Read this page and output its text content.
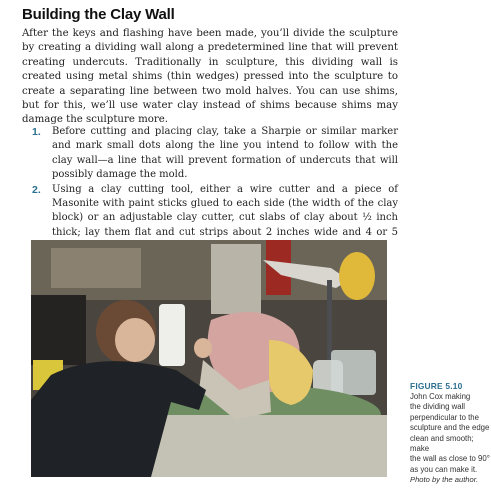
Building the Clay Wall

After the keys and flashing have been made, you’ll divide the sculpture by creating a dividing wall along a predetermined line that will prevent creating undercuts. Traditionally in sculpture, this dividing wall is created using metal shims (thin wedges) pressed into the sculpture to create a separating line between two mold halves. You can use shims, but for this, we’ll use water clay instead of shims because shims may damage the sculpture more.

1. Before cutting and placing clay, take a Sharpie or similar marker and mark small dots along the line you intend to follow with the clay wall—a line that will prevent formation of undercuts that will possibly damage the mold.
2. Using a clay cutting tool, either a wire cutter and a piece of Masonite with paint sticks glued to each side (the width of the clay block) or an adjustable clay cutter, cut slabs of clay about ½ inch thick; lay them flat and cut strips about 2 inches wide and 4 or 5
FIGURE 5.10
John Cox making
the dividing wall
perpendicular to the
sculpture and the edge
clean and smooth; make
the wall as close to 90°
as you can make it.
Photo by the author.
